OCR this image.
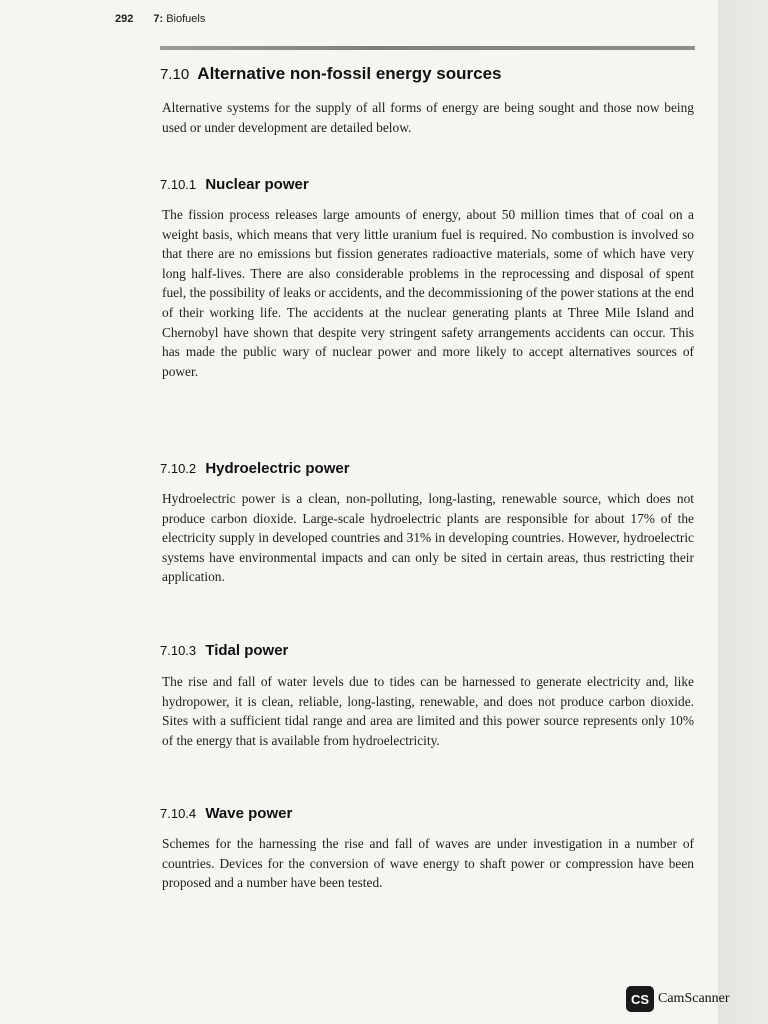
292 7: Biofuels
7.10 Alternative non-fossil energy sources

Alternative systems for the supply of all forms of energy are being sought and those now being used or under development are detailed below.

7.10.1 Nuclear power

The fission process releases large amounts of energy, about 50 million times that of coal on a weight basis, which means that very little uranium fuel is required. No combustion is involved so that there are no emissions but fission generates radioactive materials, some of which have very long half-lives. There are also considerable problems in the reprocessing and disposal of spent fuel, the possibility of leaks or accidents, and the decommissioning of the power stations at the end of their working life. The accidents at the nuclear generating plants at Three Mile Island and Chernobyl have shown that despite very stringent safety arrangements accidents can occur. This has made the public wary of nuclear power and more likely to accept alternatives sources of power.

7.10.2 Hydroelectric power

Hydroelectric power is a clean, non-polluting, long-lasting, renewable source, which does not produce carbon dioxide. Large-scale hydroelectric plants are responsible for about 17% of the electricity supply in developed countries and 31% in developing countries. However, hydroelectric systems have environmental impacts and can only be sited in certain areas, thus restricting their application.

7.10.3 Tidal power

The rise and fall of water levels due to tides can be harnessed to generate electricity and, like hydropower, it is clean, reliable, long-lasting, renewable, and does not produce carbon dioxide. Sites with a sufficient tidal range and area are limited and this power source represents only 10% of the energy that is available from hydroelectricity.

7.10.4 Wave power

Schemes for the harnessing the rise and fall of waves are under investigation in a number of countries. Devices for the conversion of wave energy to shaft power or compression have been proposed and a number have been tested.

CS CamScanner
